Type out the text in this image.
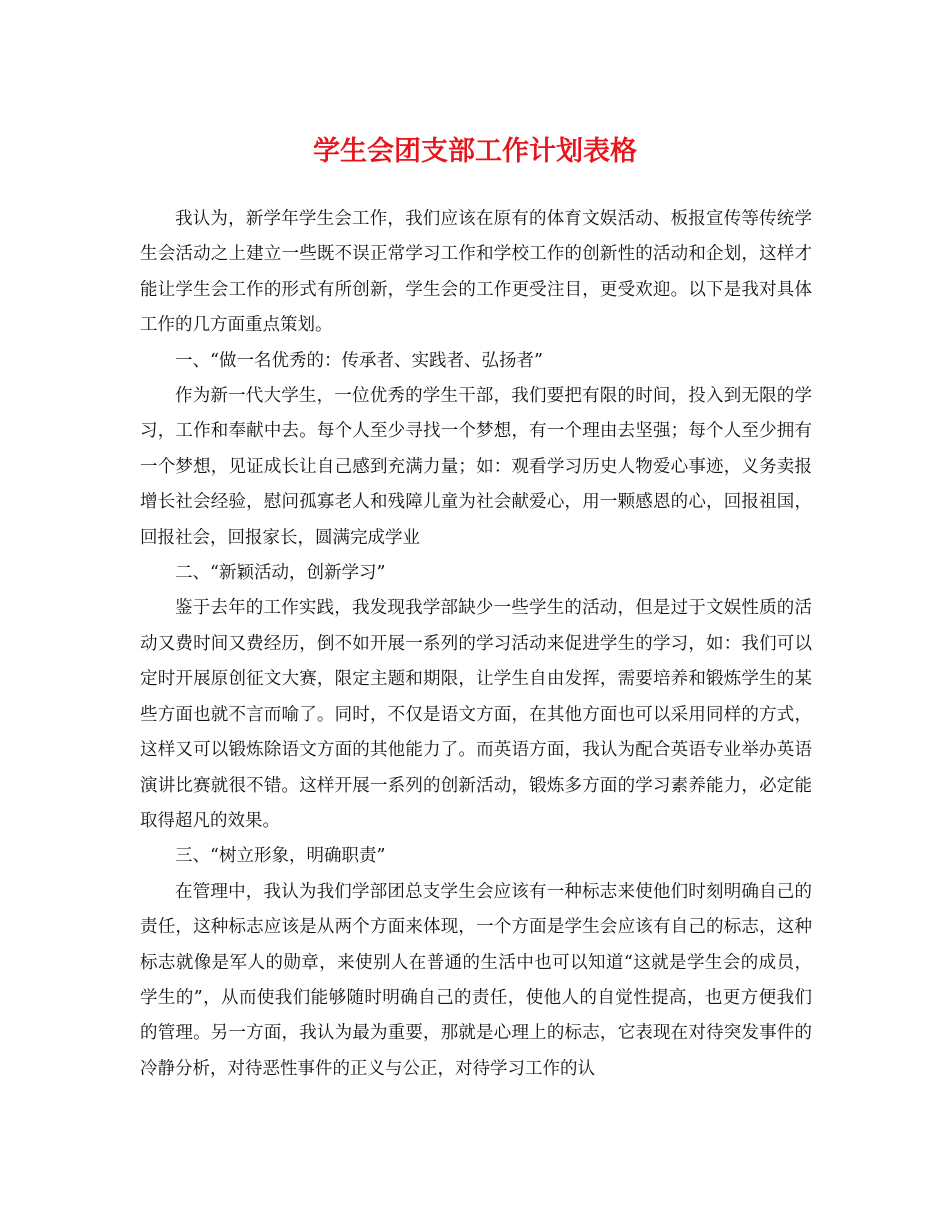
学生会团支部工作计划表格

我认为，新学年学生会工作，我们应该在原有的体育文娱活动、板报宣传等传统学生会活动之上建立一些既不误正常学习工作和学校工作的创新性的活动和企划，这样才能让学生会工作的形式有所创新，学生会的工作更受注目，更受欢迎。以下是我对具体工作的几方面重点策划。

一、“做一名优秀的：传承者、实践者、弘扬者”

作为新一代大学生，一位优秀的学生干部，我们要把有限的时间，投入到无限的学习，工作和奉献中去。每个人至少寻找一个梦想，有一个理由去坚强；每个人至少拥有一个梦想，见证成长让自己感到充满力量；如：观看学习历史人物爱心事迹，义务卖报增长社会经验，慰问孤寡老人和残障儿童为社会献爱心，用一颗感恩的心，回报祖国，回报社会，回报家长，圆满完成学业

二、“新颖活动，创新学习”

鉴于去年的工作实践，我发现我学部缺少一些学生的活动，但是过于文娱性质的活动又费时间又费经历，倒不如开展一系列的学习活动来促进学生的学习，如：我们可以定时开展原创征文大赛，限定主题和期限，让学生自由发挥，需要培养和锻炼学生的某些方面也就不言而喻了。同时，不仅是语文方面，在其他方面也可以采用同样的方式，这样又可以锻炼除语文方面的其他能力了。而英语方面，我认为配合英语专业举办英语演讲比赛就很不错。这样开展一系列的创新活动，锻炼多方面的学习素养能力，必定能取得超凡的效果。

三、“树立形象，明确职责”

在管理中，我认为我们学部团总支学生会应该有一种标志来使他们时刻明确自己的责任，这种标志应该是从两个方面来体现，一个方面是学生会应该有自己的标志，这种标志就像是军人的勋章，来使别人在普通的生活中也可以知道“这就是学生会的成员，学生的”，从而使我们能够随时明确自己的责任，使他人的自觉性提高，也更方便我们的管理。另一方面，我认为最为重要，那就是心理上的标志，它表现在对待突发事件的冷静分析，对待恶性事件的正义与公正，对待学习工作的认
